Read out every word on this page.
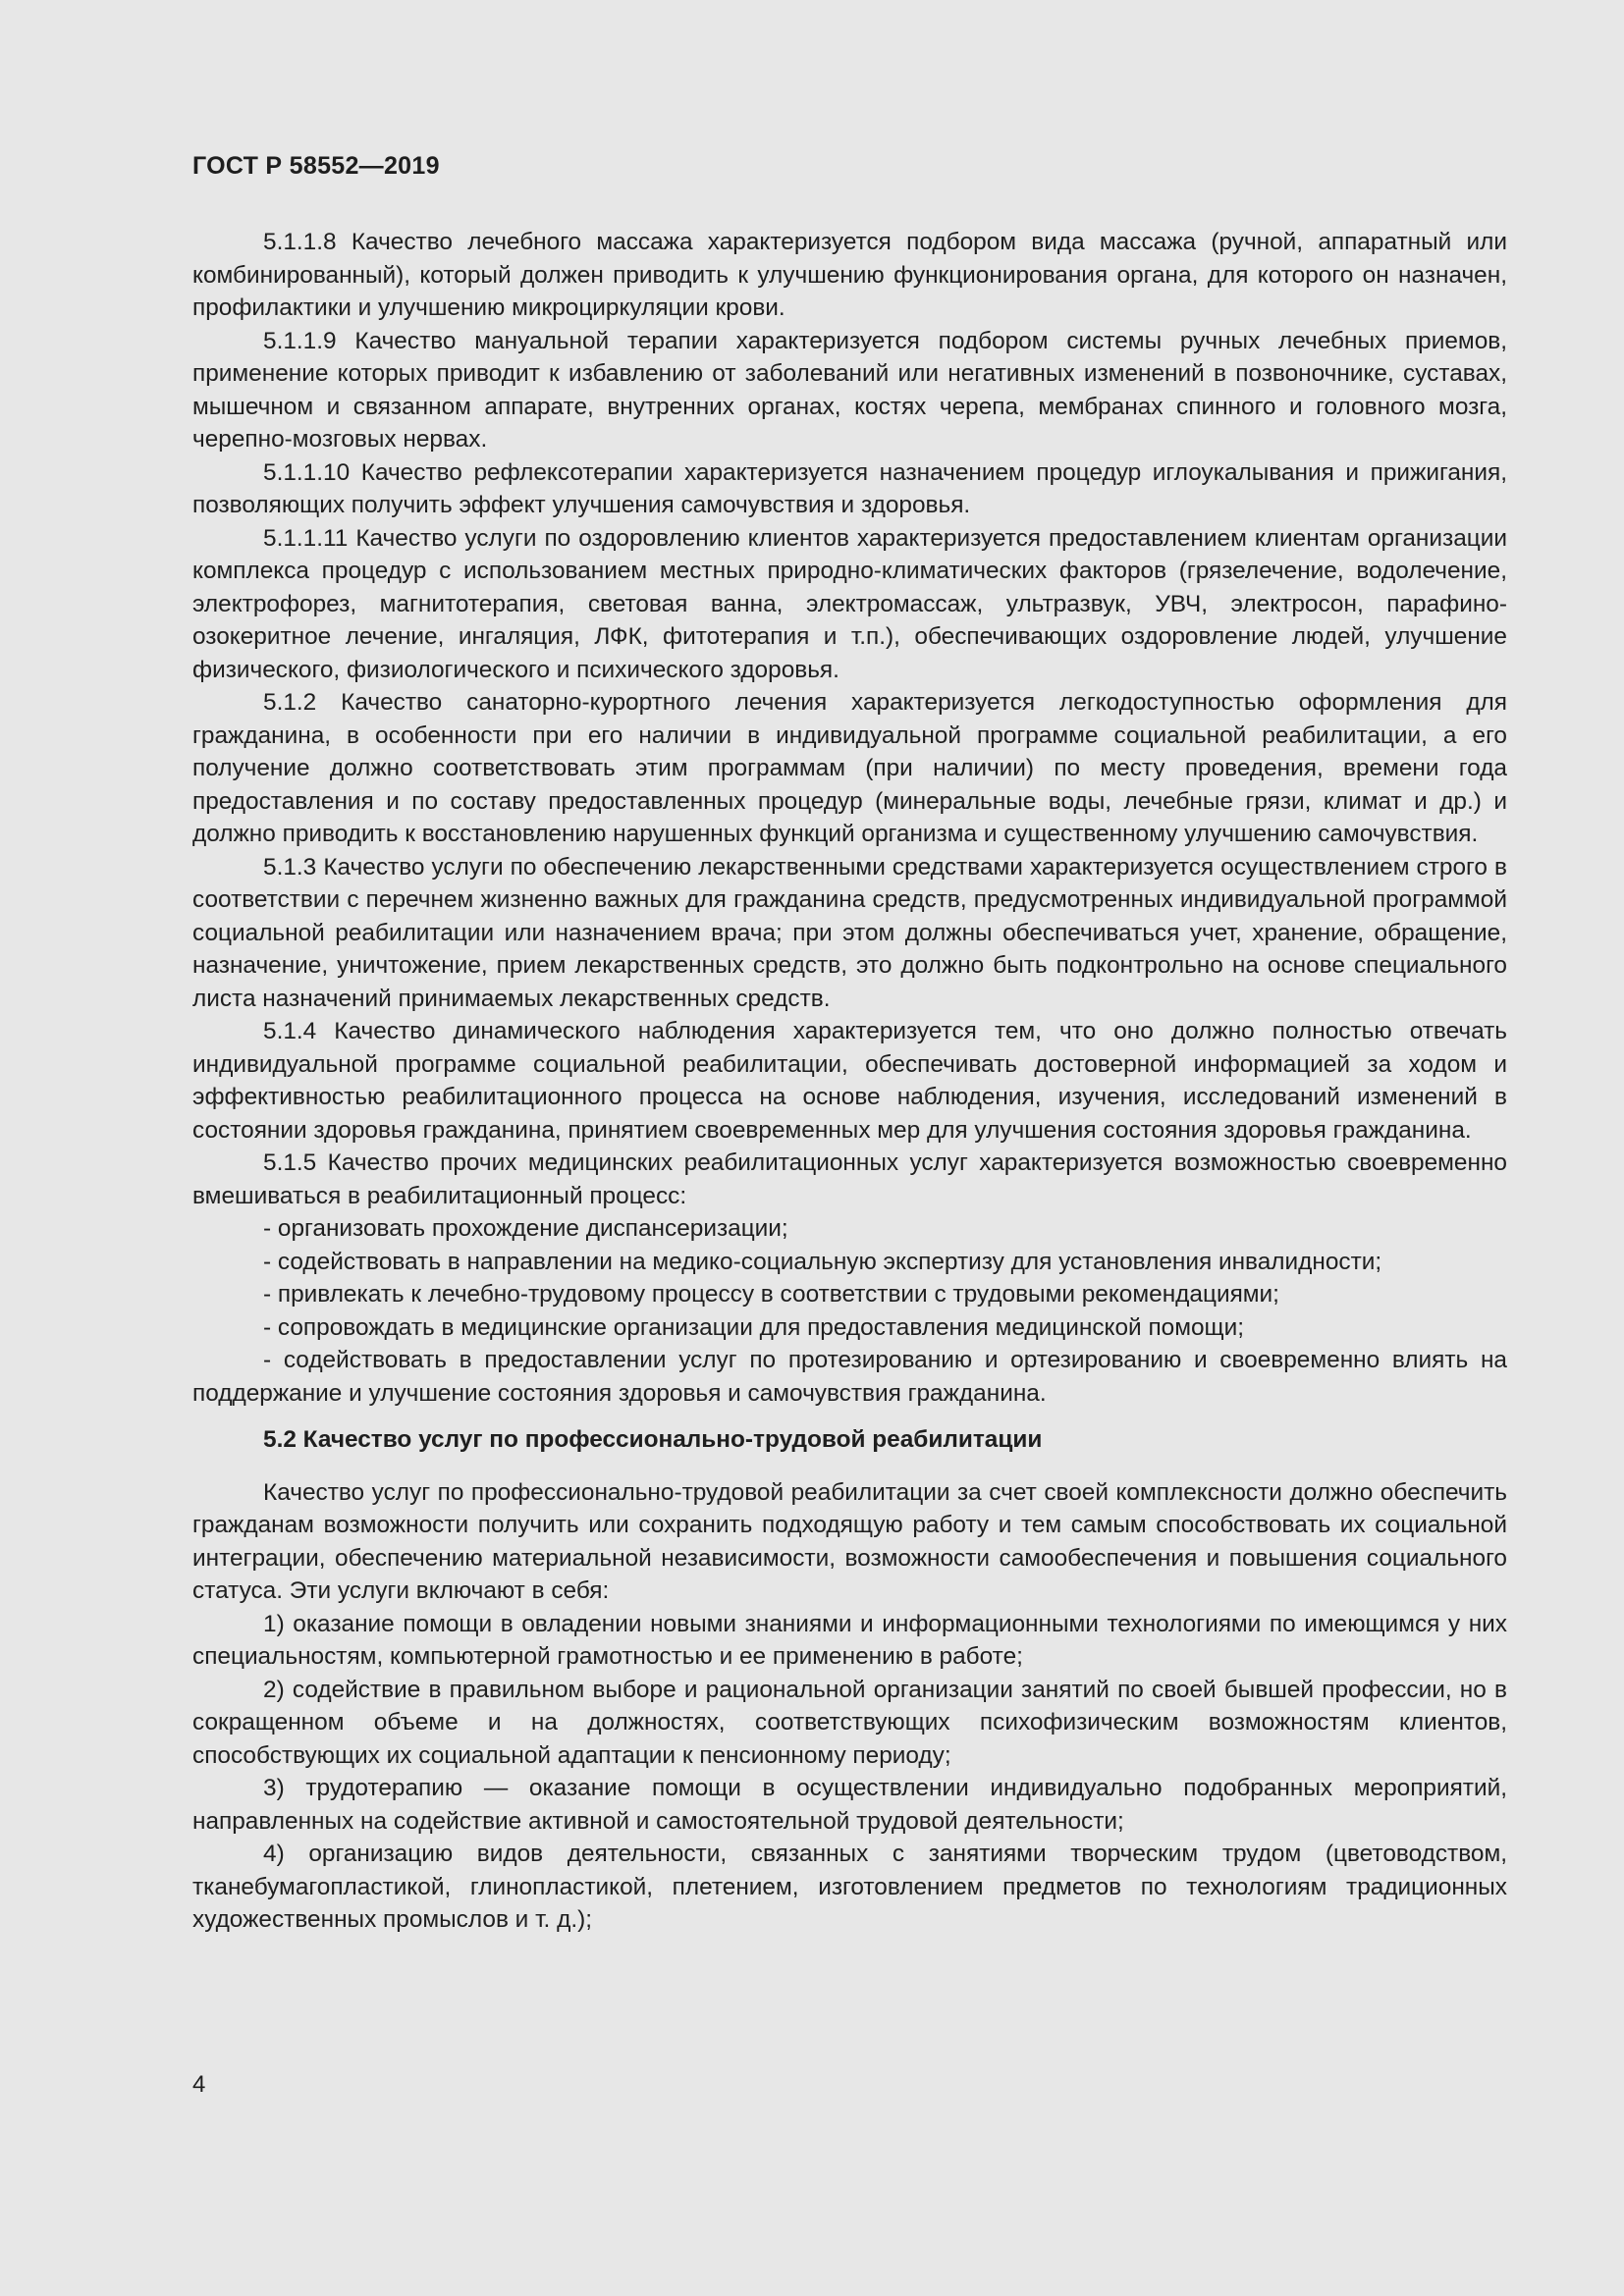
ГОСТ Р 58552—2019

5.1.1.8 Качество лечебного массажа характеризуется подбором вида массажа (ручной, аппаратный или комбинированный), который должен приводить к улучшению функционирования органа, для которого он назначен, профилактики и улучшению микроциркуляции крови.

5.1.1.9 Качество мануальной терапии характеризуется подбором системы ручных лечебных приемов, применение которых приводит к избавлению от заболеваний или негативных изменений в позвоночнике, суставах, мышечном и связанном аппарате, внутренних органах, костях черепа, мембранах спинного и головного мозга, черепно-мозговых нервах.

5.1.1.10 Качество рефлексотерапии характеризуется назначением процедур иглоукалывания и прижигания, позволяющих получить эффект улучшения самочувствия и здоровья.

5.1.1.11 Качество услуги по оздоровлению клиентов характеризуется предоставлением клиентам организации комплекса процедур с использованием местных природно-климатических факторов (грязелечение, водолечение, электрофорез, магнитотерапия, световая ванна, электромассаж, ультразвук, УВЧ, электросон, парафино-озокеритное лечение, ингаляция, ЛФК, фитотерапия и т.п.), обеспечивающих оздоровление людей, улучшение физического, физиологического и психического здоровья.

5.1.2 Качество санаторно-курортного лечения характеризуется легкодоступностью оформления для гражданина, в особенности при его наличии в индивидуальной программе социальной реабилитации, а его получение должно соответствовать этим программам (при наличии) по месту проведения, времени года предоставления и по составу предоставленных процедур (минеральные воды, лечебные грязи, климат и др.) и должно приводить к восстановлению нарушенных функций организма и существенному улучшению самочувствия.

5.1.3 Качество услуги по обеспечению лекарственными средствами характеризуется осуществлением строго в соответствии с перечнем жизненно важных для гражданина средств, предусмотренных индивидуальной программой социальной реабилитации или назначением врача; при этом должны обеспечиваться учет, хранение, обращение, назначение, уничтожение, прием лекарственных средств, это должно быть подконтрольно на основе специального листа назначений принимаемых лекарственных средств.

5.1.4 Качество динамического наблюдения характеризуется тем, что оно должно полностью отвечать индивидуальной программе социальной реабилитации, обеспечивать достоверной информацией за ходом и эффективностью реабилитационного процесса на основе наблюдения, изучения, исследований изменений в состоянии здоровья гражданина, принятием своевременных мер для улучшения состояния здоровья гражданина.

5.1.5 Качество прочих медицинских реабилитационных услуг характеризуется возможностью своевременно вмешиваться в реабилитационный процесс:

- организовать прохождение диспансеризации;

- содействовать в направлении на медико-социальную экспертизу для установления инвалидности;

- привлекать к лечебно-трудовому процессу в соответствии с трудовыми рекомендациями;

- сопровождать в медицинские организации для предоставления медицинской помощи;

- содействовать в предоставлении услуг по протезированию и ортезированию и своевременно влиять на поддержание и улучшение состояния здоровья и самочувствия гражданина.

5.2 Качество услуг по профессионально-трудовой реабилитации

Качество услуг по профессионально-трудовой реабилитации за счет своей комплексности должно обеспечить гражданам возможности получить или сохранить подходящую работу и тем самым способствовать их социальной интеграции, обеспечению материальной независимости, возможности самообеспечения и повышения социального статуса. Эти услуги включают в себя:

1) оказание помощи в овладении новыми знаниями и информационными технологиями по имеющимся у них специальностям, компьютерной грамотностью и ее применению в работе;

2) содействие в правильном выборе и рациональной организации занятий по своей бывшей профессии, но в сокращенном объеме и на должностях, соответствующих психофизическим возможностям клиентов, способствующих их социальной адаптации к пенсионному периоду;

3) трудотерапию — оказание помощи в осуществлении индивидуально подобранных мероприятий, направленных на содействие активной и самостоятельной трудовой деятельности;

4) организацию видов деятельности, связанных с занятиями творческим трудом (цветоводством, тканебумагопластикой, глинопластикой, плетением, изготовлением предметов по технологиям традиционных художественных промыслов и т. д.);

4
